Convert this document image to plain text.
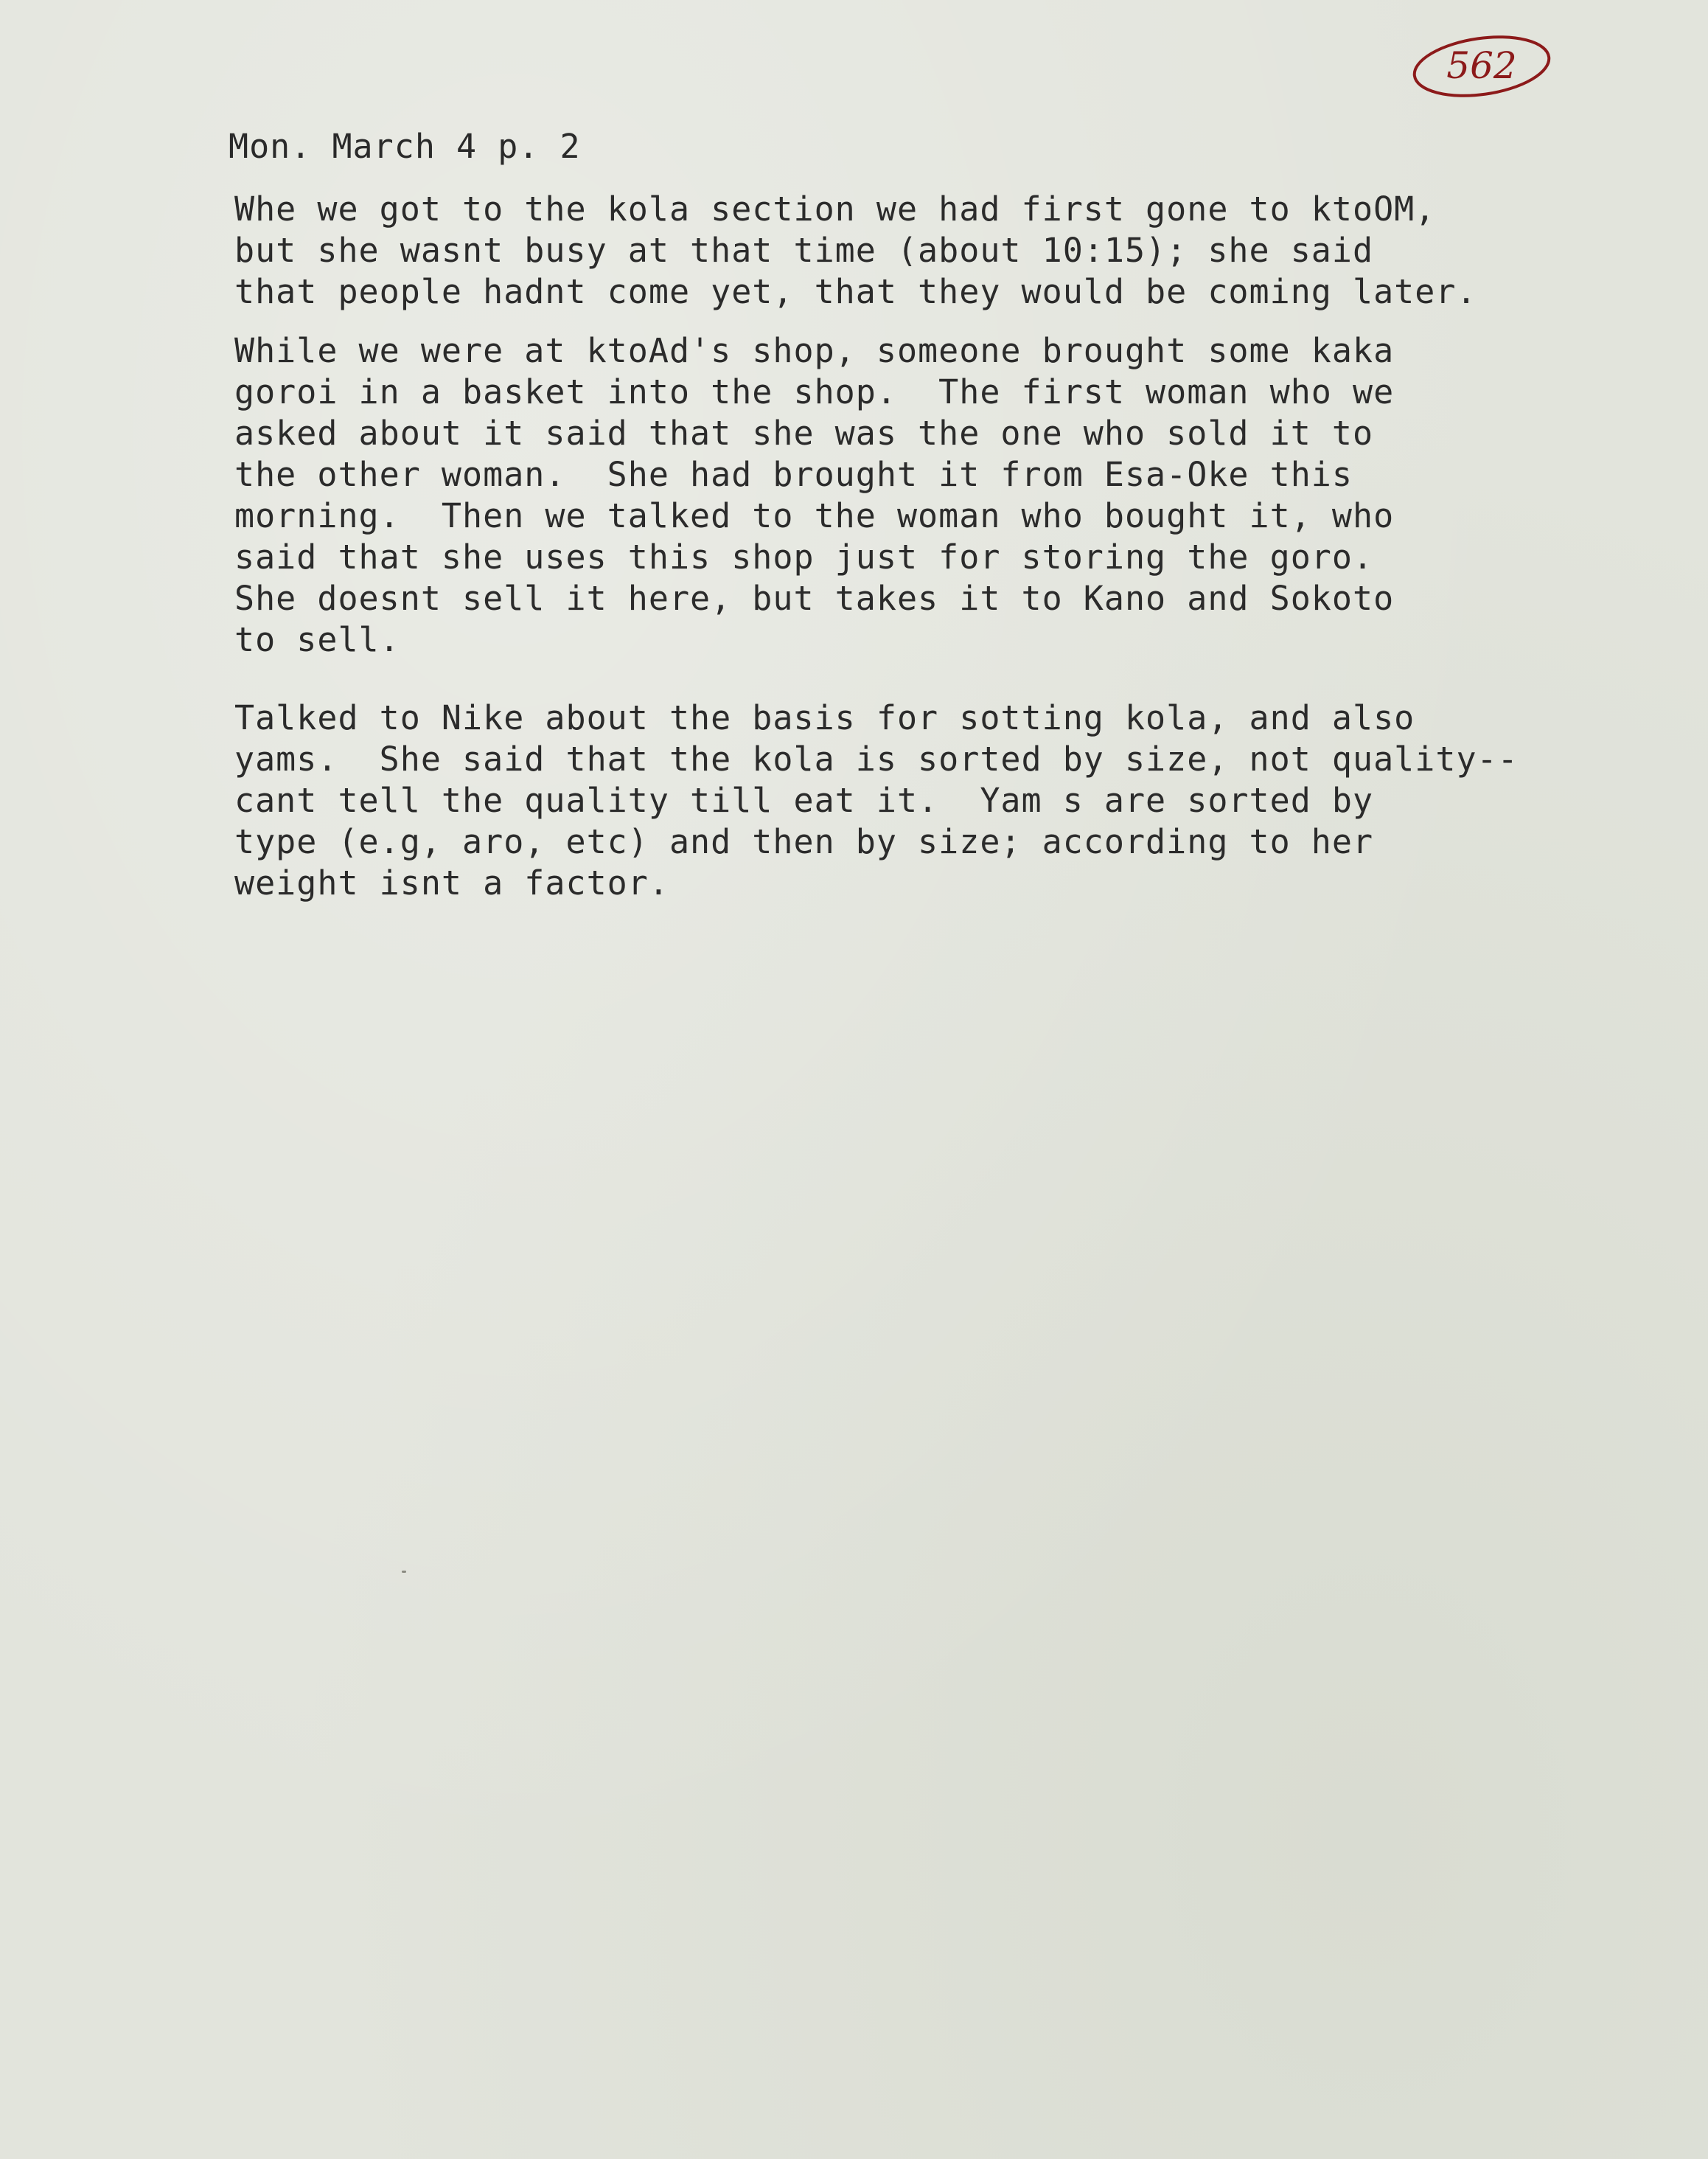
562
Mon. March 4 p. 2
Whe we got to the kola section we had first gone to ktoOM,
but she wasnt busy at that time (about 10:15); she said
that people hadnt come yet, that they would be coming later.
While we were at ktoAd's shop, someone brought some kaka
goroi in a basket into the shop.  The first woman who we
asked about it said that she was the one who sold it to
the other woman.  She had brought it from Esa-Oke this
morning.  Then we talked to the woman who bought it, who
said that she uses this shop just for storing the goro.
She doesnt sell it here, but takes it to Kano and Sokoto
to sell.
Talked to Nike about the basis for sotting kola, and also
yams.  She said that the kola is sorted by size, not quality--
cant tell the quality till eat it.  Yam s are sorted by
type (e.g, aro, etc) and then by size; according to her
weight isnt a factor.
